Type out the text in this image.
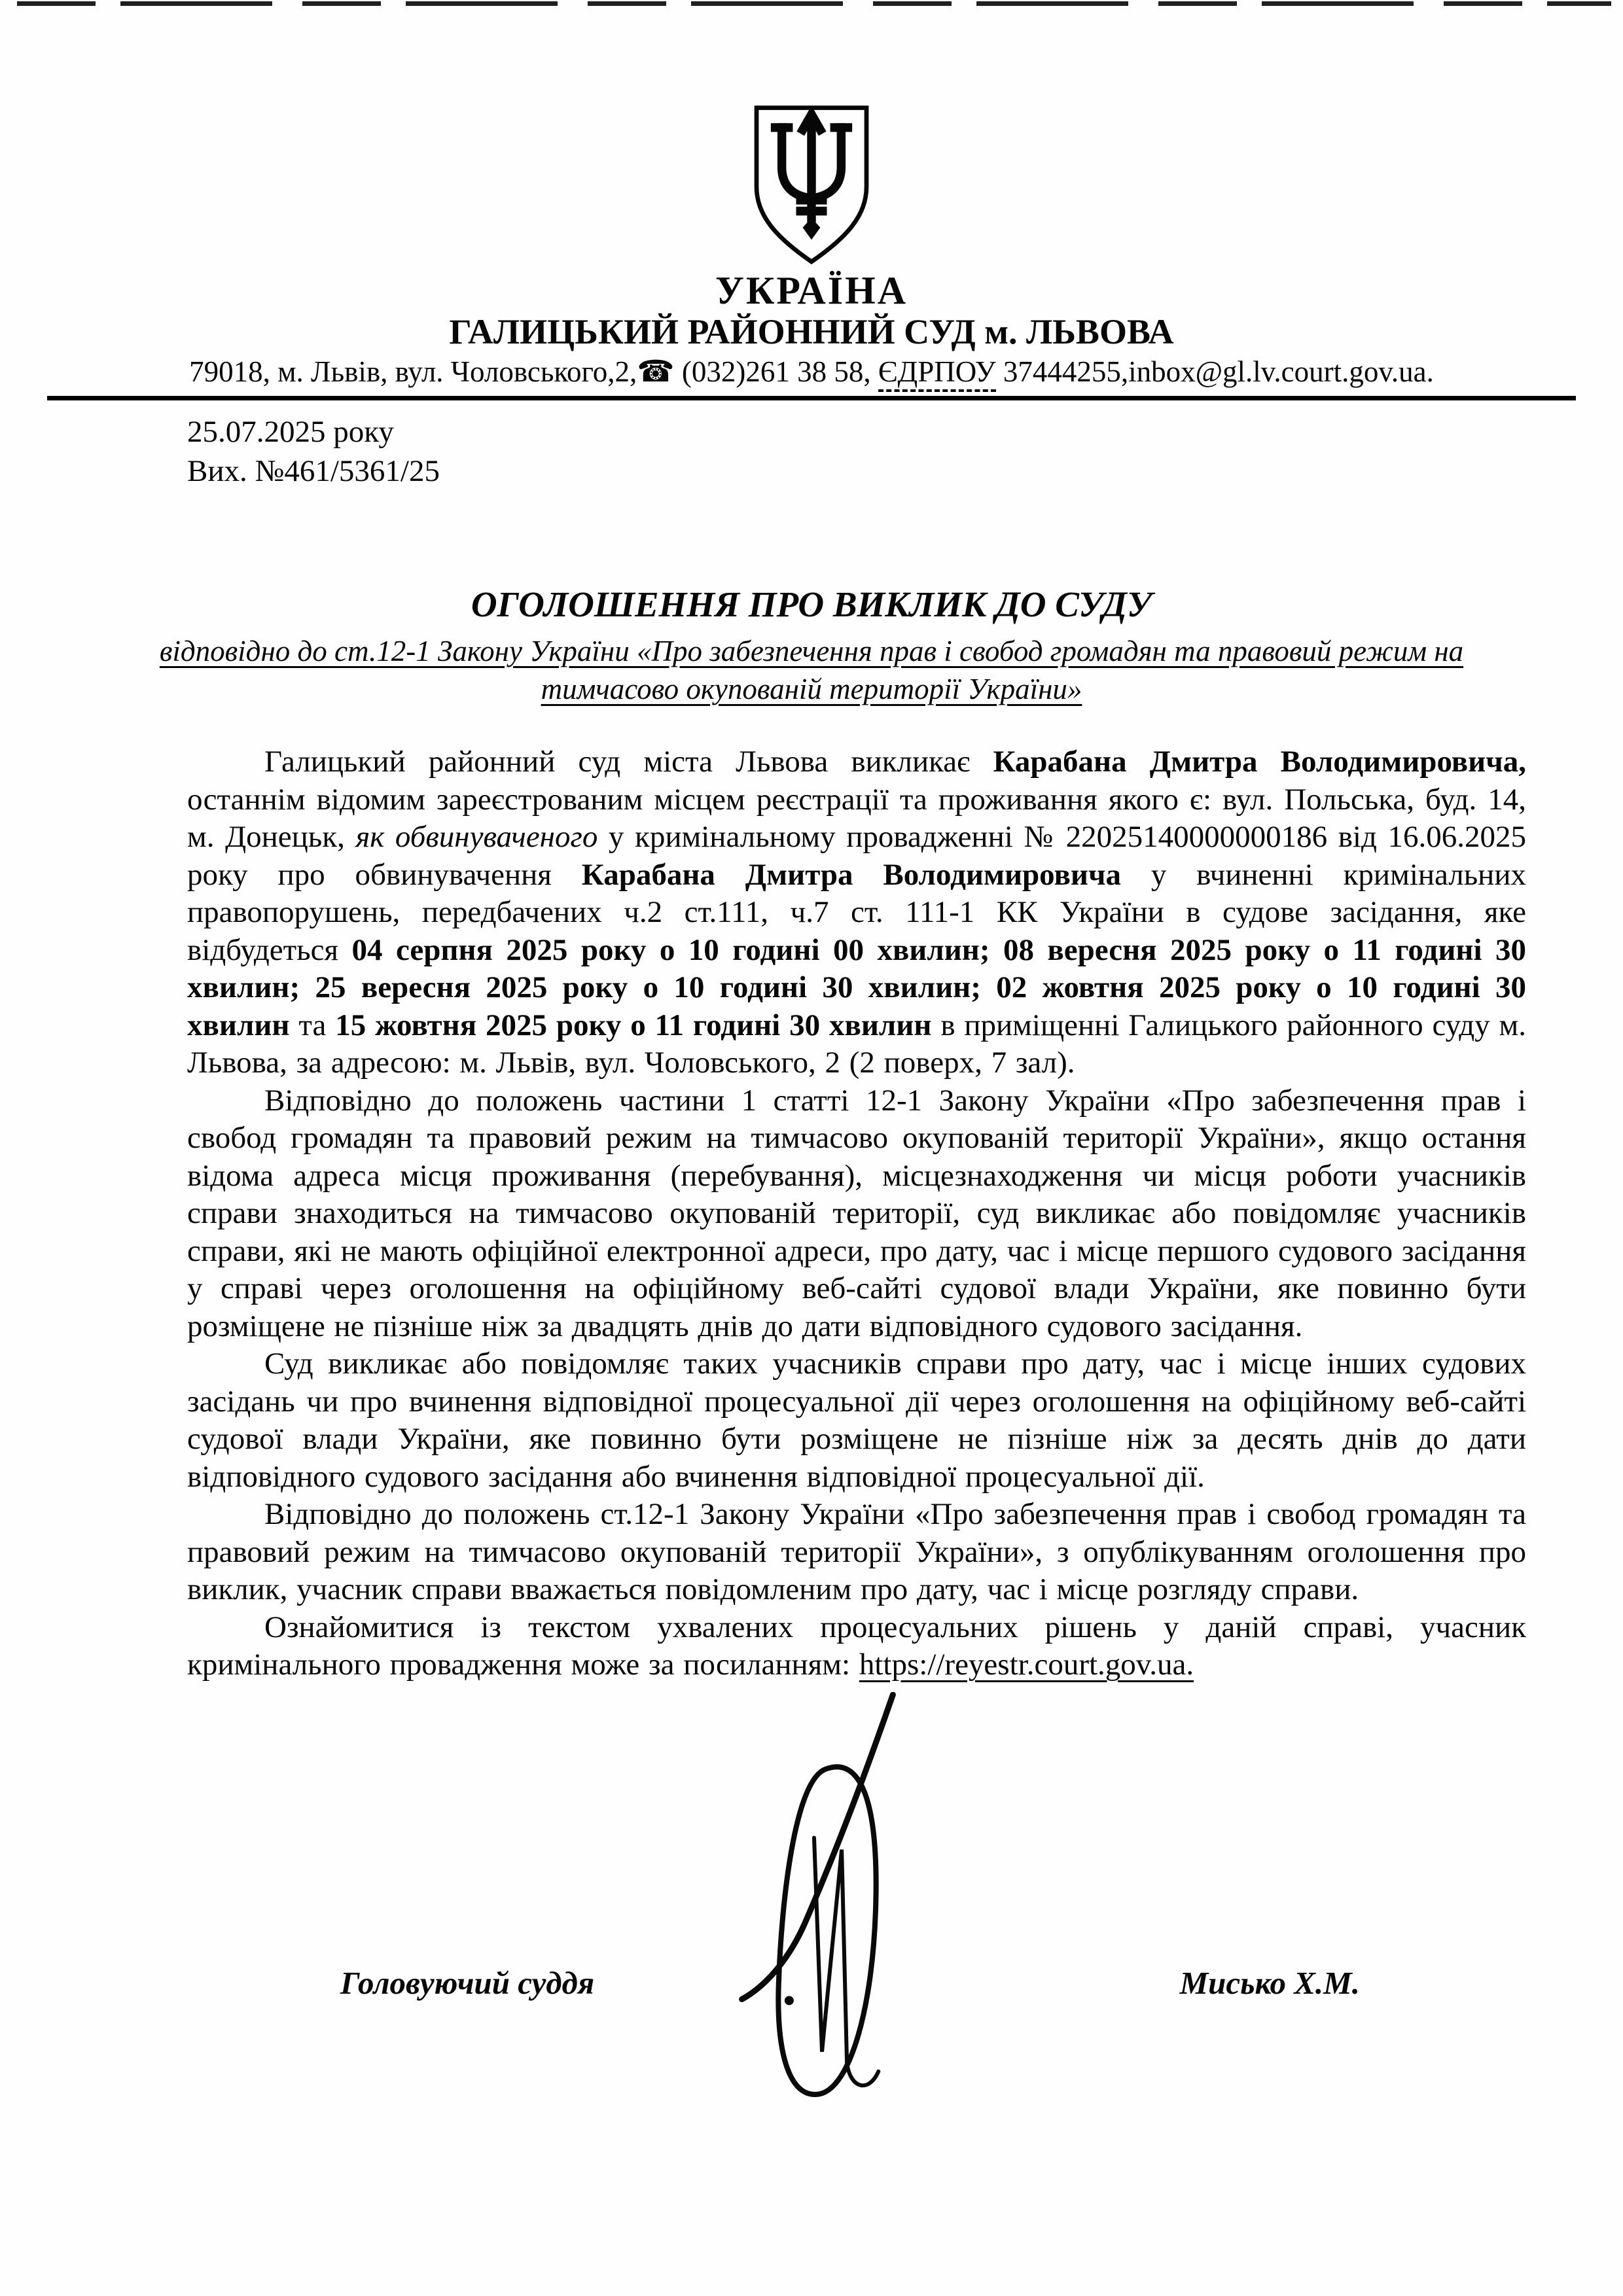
УКРАЇНА
ГАЛИЦЬКИЙ РАЙОННИЙ СУД м. ЛЬВОВА
79018, м. Львів, вул. Чоловського,2,☎ (032)261 38 58, ЄДРПОУ 37444255,inbox@gl.lv.court.gov.ua.
25.07.2025 року
Вих. №461/5361/25
ОГОЛОШЕННЯ ПРО ВИКЛИК ДО СУДУ
відповідно до ст.12-1 Закону України «Про забезпечення прав і свобод громадян та правовий режим на тимчасово окупованій території України»

Галицький районний суд міста Львова викликає Карабана Дмитра Володимировича, останнім відомим зареєстрованим місцем реєстрації та проживання якого є: вул. Польська, буд. 14, м. Донецьк, як обвинуваченого у кримінальному провадженні № 22025140000000186 від 16.06.2025 року про обвинувачення Карабана Дмитра Володимировича у вчиненні кримінальних правопорушень, передбачених ч.2 ст.111, ч.7 ст. 111-1 КК України в судове засідання, яке відбудеться 04 серпня 2025 року о 10 годині 00 хвилин; 08 вересня 2025 року о 11 годині 30 хвилин; 25 вересня 2025 року о 10 годині 30 хвилин; 02 жовтня 2025 року о 10 годині 30 хвилин та 15 жовтня 2025 року о 11 годині 30 хвилин в приміщенні Галицького районного суду м. Львова, за адресою: м. Львів, вул. Чоловського, 2 (2 поверх, 7 зал).

Відповідно до положень частини 1 статті 12-1 Закону України «Про забезпечення прав і свобод громадян та правовий режим на тимчасово окупованій території України», якщо остання відома адреса місця проживання (перебування), місцезнаходження чи місця роботи учасників справи знаходиться на тимчасово окупованій території, суд викликає або повідомляє учасників справи, які не мають офіційної електронної адреси, про дату, час і місце першого судового засідання у справі через оголошення на офіційному веб-сайті судової влади України, яке повинно бути розміщене не пізніше ніж за двадцять днів до дати відповідного судового засідання.

Суд викликає або повідомляє таких учасників справи про дату, час і місце інших судових засідань чи про вчинення відповідної процесуальної дії через оголошення на офіційному веб-сайті судової влади України, яке повинно бути розміщене не пізніше ніж за десять днів до дати відповідного судового засідання або вчинення відповідної процесуальної дії.

Відповідно до положень ст.12-1 Закону України «Про забезпечення прав і свобод громадян та правовий режим на тимчасово окупованій території України», з опублікуванням оголошення про виклик, учасник справи вважається повідомленим про дату, час і місце розгляду справи.

Ознайомитися із текстом ухвалених процесуальних рішень у даній справі, учасник кримінального провадження може за посиланням: https://reyestr.court.gov.ua.

Головуючий суддя	Мисько Х.М.
